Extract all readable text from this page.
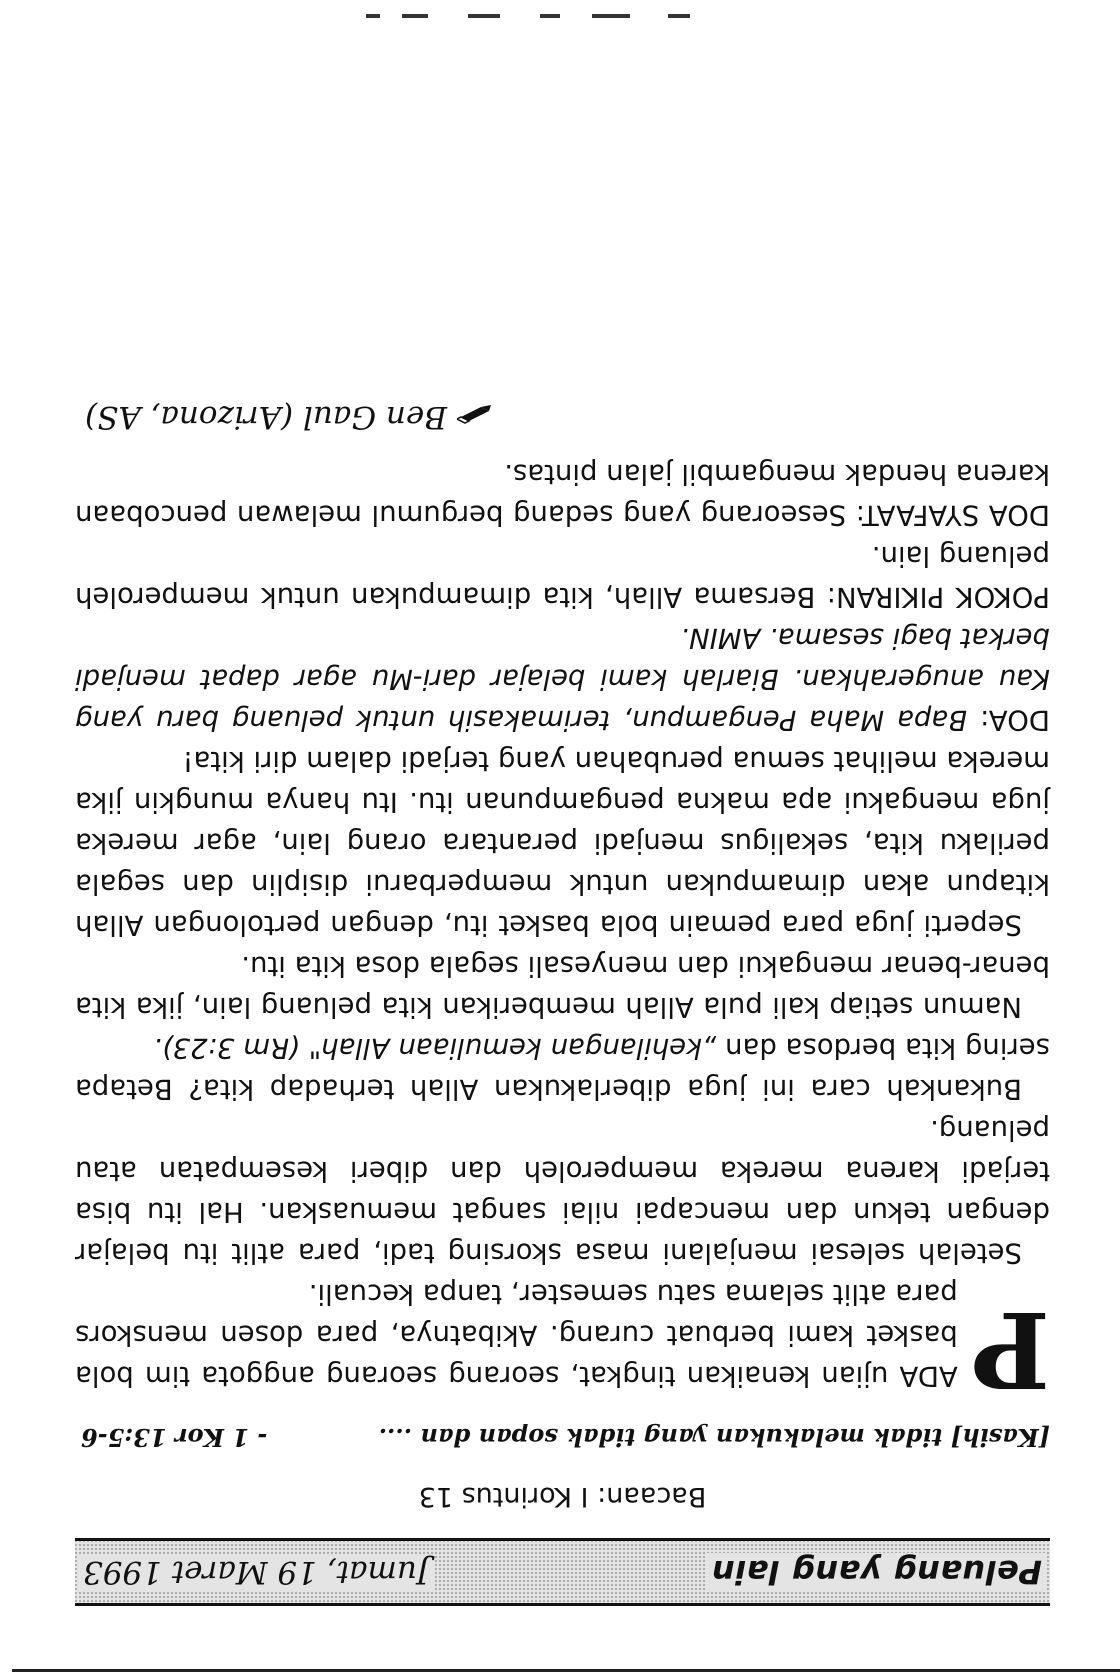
Peluang yang lain
Jumat, 19 Maret 1993
Bacaan: I Korintus 13
[Kasih] tidak melakukan yang tidak sopan dan ....
- 1 Kor 13:5-6

P
ADA ujian kenaikan tingkat, seorang seorang anggota tim bola basket kami berbuat curang. Akibatnya, para dosen menskors para atlit selama satu semester, tanpa kecuali.

Setelah selesai menjalani masa skorsing tadi, para atlit itu belajar dengan tekun dan mencapai nilai sangat memuaskan. Hal itu bisa terjadi karena mereka memperoleh dan diberi kesempatan atau peluang.

Bukankah cara ini juga diberlakukan Allah terhadap kita? Betapa sering kita berdosa dan „kehilangan kemuliaan Allah" (Rm 3:23).

Namun setiap kali pula Allah memberikan kita peluang lain, jika kita benar-benar mengakui dan menyesali segala dosa kita itu.

Seperti juga para pemain bola basket itu, dengan pertolongan Allah kitapun akan dimampukan untuk memperbarui disiplin dan segala perilaku kita, sekaligus menjadi perantara orang lain, agar mereka juga mengakui apa makna pengampunan itu. Itu hanya mungkin jika mereka melihat semua perubahan yang terjadi dalam diri kita!

DOA: Bapa Maha Pengampun, terimakasih untuk peluang baru yang Kau anugerahkan. Biarlah kami belajar dari-Mu agar dapat menjadi berkat bagi sesama. AMIN.

POKOK PIKIRAN: Bersama Allah, kita dimampukan untuk memperoleh peluang lain.

DOA SYAFAAT: Seseorang yang sedang bergumul melawan pencobaan karena hendak mengambil jalan pintas.

Ben Gaul (Arizona, AS)
